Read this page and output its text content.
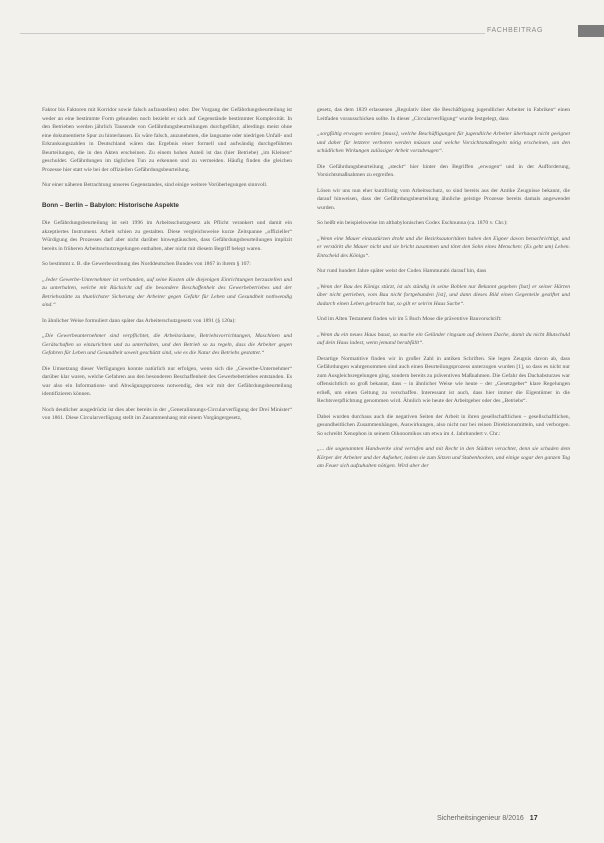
FACHBEITRAG

Faktor bis Faktoren mit Korridor sowie falsch aufzustellen) oder. Der Vorgang der Gefährdungsbeurteilung ist weder an eine bestimmte Form gebunden noch bezieht er sich auf Gegenstände bestimmter Komplexität. In den Betrieben werden jährlich Tausende von Gefährdungsbeurteilungen durchgeführt, allerdings meist ohne eine dokumentierte Spur zu hinterlassen. Es wäre falsch, anzunehmen, die langsame oder niedrigen Unfall- und Erkrankungszahlen in Deutschland wären das Ergebnis einer formell und aufwändig durchgeführten Beurteilungen, die in den Akten erscheinen. Zu einem hohen Anteil ist das (hier Betriebe) „im Kleinen“ geschuldet. Gefährdungen im täglichen Tun zu erkennen und zu vermeiden. Häufig finden die gleichen Prozesse hier statt wie bei der offiziellen Gefährdungsbeurteilung.

Nur einer näheren Betrachtung unseres Gegenstandes, sind einige weitere Vorüberlegungen sinnvoll.

Bonn – Berlin – Babylon: Historische Aspekte

Die Gefährdungsbeurteilung ist seit 1996 im Arbeitsschutzgesetz als Pflicht verankert und damit ein akzeptiertes Instrument. Arbeit schien zu gestalten. Diese vergleichsweise kurze Zeitspanne „offizieller“ Würdigung des Prozesses darf aber nicht darüber hinwegtäuschen, dass Gefährdungsbeurteilungen implizit bereits in früheren Arbeitsschutzregelungen enthalten, aber nicht mit diesem Begriff belegt waren.

So bestimmt z. B. die Gewerbeordnung des Norddeutschen Bundes von 1867 in ihrem § 107:

„Jeder Gewerbe-Unternehmer ist verbunden, auf seine Kosten alle diejenigen Einrichtungen herzustellen und zu unterhalten, welche mit Rücksicht auf die besondere Beschaffenheit des Gewerbebetriebes und der Betriebsstätte zu thunlichster Sicherung der Arbeiter gegen Gefahr für Leben und Gesundheit nothwendig sind.“

In ähnlicher Weise formuliert dann später das Arbeiterschutzgesetz von 1891 (§ 120a):

„Die Gewerbeunternehmer sind verpflichtet, die Arbeitsräume, Betriebsvorrichtungen, Maschinen und Gerätschaften so einzurichten und zu unterhalten, und den Betrieb so zu regeln, dass die Arbeiter gegen Gefahren für Leben und Gesundheit soweit geschützt sind, wie es die Natur des Betriebs gestattet.“

Die Umsetzung dieser Verfügungen konnte natürlich nur erfolgen, wenn sich die „Gewerbe-Unternehmer“ darüber klar waren, welche Gefahren aus den besonderen Beschaffenheit des Gewerbebetriebes entstanden. Es war also ein Informations- und Abwägungsprozess notwendig, den wir mit der Gefährdungsbeurteilung identifizieren können.

Noch deutlicher ausgedrückt ist dies aber bereits in der „Generalinnungs-Circularverfügung der Drei Minister“ von 1861. Diese Circularverfügung stellt im Zusammenhang mit einem Vorgängergesetz,

gesetz, das dem 1839 erlassenen „Regulativ über die Beschäftigung jugendlicher Arbeiter in Fabriken“ einen Leitfaden vorausschicken sollte. In dieser „Circularverfügung“ wurde festgelegt, dass

„sorgfältig erwogen werden [muss], welche Beschäftigungen für jugendliche Arbeiter überhaupt nicht geeignet und daher für letztere verboten werden müssen und welche Vorsichtsmaßregeln nötig erscheinen, um den schädlichen Wirkungen zulässiger Arbeit vorzubeugen“.

Die Gefährdungsbeurteilung „steckt“ hier hinter den Begriffen „erwogen“ und in der Aufforderung, Vorsichtsmaßnahmen zu ergreifen.

Lösen wir uns nun eher kurzfristig vom Arbeitsschutz, so sind bereits aus der Antike Zeugnisse bekannt, die darauf hinweisen, dass der Gefährdungsbeurteilung ähnliche geistige Prozesse bereits damals angewendet wurden.

So heißt ein beispielsweise im altbabylonischen Codex Eschnunna (ca. 1870 v. Chr.):

„Wenn eine Mauer einzustürzen droht und die Bezirksautoritäten haben den Eigner davon benachrichtigt, und er verstärkt die Mauer nicht und sie bricht zusammen und tötet den Sohn eines Menschen: (Es geht um) Leben. Entscheid des Königs“.

Nur rund hundert Jahre später weist der Codex Hammurabi darauf hin, dass

„Wenn der Bau des Königs stürzt, ist als ständig in seine Bohlen nur Bekannt gegeben [hat] er seiner Härten über nicht getrieben, vom Bau nicht fortgebunden [ist], und dann dieses Bild einen Gegenteile gestiftet und dadurch einen Leben gebracht hat, so gilt er sein'm Haus Sache“.

Und im Alten Testament finden wir im 5 Buch Mose die präventive Bauvorschrift:

„Wenn du ein neues Haus baust, so mache ein Geländer ringsum auf deinem Dache, damit du nicht Blutschuld auf dein Haus ladest, wenn jemand herabfällt“.

Derartige Normatitive finden wir in großer Zahl in antiken Schriften. Sie legen Zeugnis davon ab, dass Gefährdungen wahrgenommen sind auch einen Beurteilungsprozess unterzogen wurden [1], so dass es nicht nur zum Ausgleichsregelungen ging, sondern bereits zu präventiven Maßnahmen. Die Gefahr des Dachabsturzes war offensichtlich so groß bekannt, dass – in ähnlicher Weise wie heute – der „Gesetzgeber“ klare Regelungen erließ, um einen Geltung zu verschaffen. Interessant ist auch, dass hier immer die Eigentümer in die Rechtsverpflichtung genommen wird. Ähnlich wie heute der Arbeitgeber oder des „Betriebs“.

Dabei wurden durchaus auch die negativen Seiten der Arbeit in ihren gesellschaftlichen – gesellschaftlichen, gesundheitlichen Zusammenhängen, Auswirkungen, also nicht nur bei reinen Direktionsmitteln, und verborgen. So schreibt Xenophon in seinem Oikonomikos um etwa im 4. Jahrhundert v. Chr.:

„... die sogenannten Handwerke sind verrufen und mit Recht in den Städten verachtet, denn sie schaden dem Körper der Arbeiter und der Aufseher, indem sie zum Sitzen und Stubenhocken, und einige sogar den ganzen Tag am Feuer sich aufzuhalten nötigen. Wird aber der

Sicherheitsingenieur 8/2016 17
